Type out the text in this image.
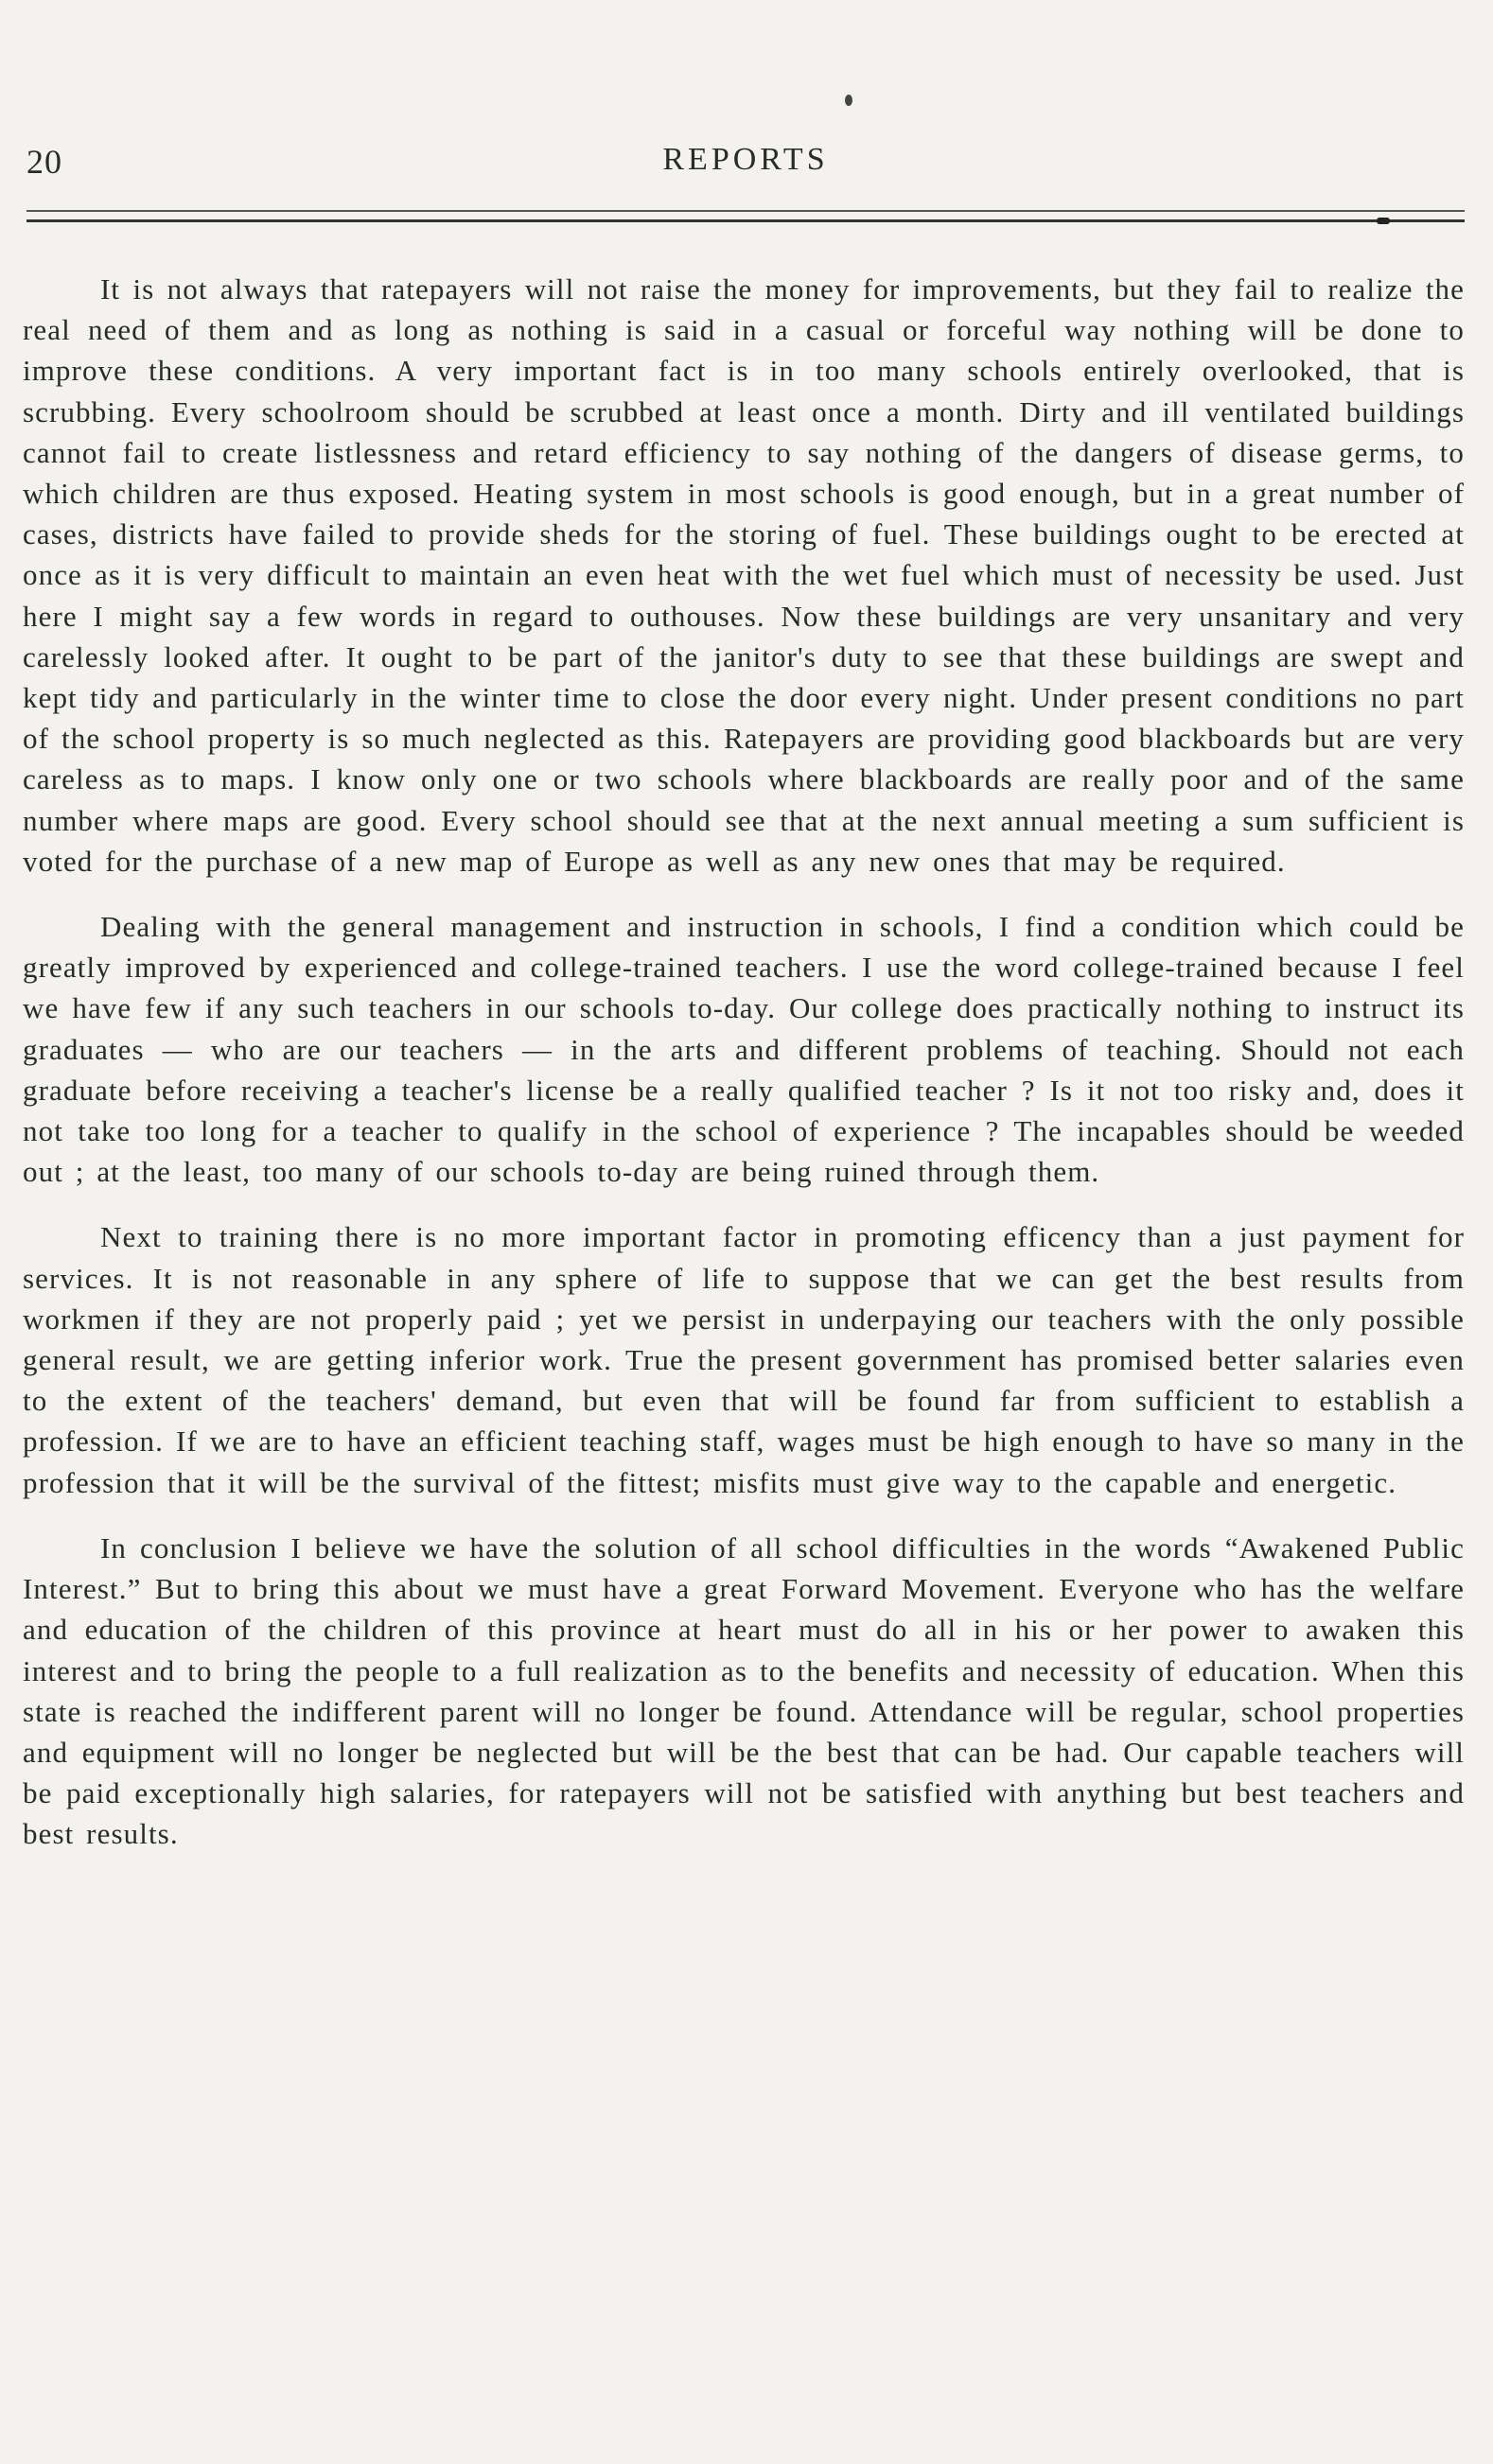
20	REPORTS

It is not always that ratepayers will not raise the money for improvements, but they fail to realize the real need of them and as long as nothing is said in a casual or forceful way nothing will be done to improve these conditions. A very important fact is in too many schools entirely overlooked, that is scrubbing. Every schoolroom should be scrubbed at least once a month. Dirty and ill ventilated buildings cannot fail to create listlessness and retard efficiency to say nothing of the dangers of disease germs, to which children are thus exposed. Heating system in most schools is good enough, but in a great number of cases, districts have failed to provide sheds for the storing of fuel. These buildings ought to be erected at once as it is very difficult to maintain an even heat with the wet fuel which must of necessity be used. Just here I might say a few words in regard to outhouses. Now these buildings are very unsanitary and very carelessly looked after. It ought to be part of the janitor's duty to see that these buildings are swept and kept tidy and particularly in the winter time to close the door every night. Under present conditions no part of the school property is so much neglected as this. Ratepayers are providing good blackboards but are very careless as to maps. I know only one or two schools where blackboards are really poor and of the same number where maps are good. Every school should see that at the next annual meeting a sum sufficient is voted for the purchase of a new map of Europe as well as any new ones that may be required.

Dealing with the general management and instruction in schools, I find a condition which could be greatly improved by experienced and college-trained teachers. I use the word college-trained because I feel we have few if any such teachers in our schools to-day. Our college does practically nothing to instruct its graduates — who are our teachers — in the arts and different problems of teaching. Should not each graduate before receiving a teacher's license be a really qualified teacher ? Is it not too risky and, does it not take too long for a teacher to qualify in the school of experience ? The incapables should be weeded out ; at the least, too many of our schools to-day are being ruined through them.

Next to training there is no more important factor in promoting efficency than a just payment for services. It is not reasonable in any sphere of life to suppose that we can get the best results from workmen if they are not properly paid ; yet we persist in underpaying our teachers with the only possible general result, we are getting inferior work. True the present government has promised better salaries even to the extent of the teachers' demand, but even that will be found far from sufficient to establish a profession. If we are to have an efficient teaching staff, wages must be high enough to have so many in the profession that it will be the survival of the fittest; misfits must give way to the capable and energetic.

In conclusion I believe we have the solution of all school difficulties in the words “Awakened Public Interest.” But to bring this about we must have a great Forward Movement. Everyone who has the welfare and education of the children of this province at heart must do all in his or her power to awaken this interest and to bring the people to a full realization as to the benefits and necessity of education. When this state is reached the indifferent parent will no longer be found. Attendance will be regular, school properties and equipment will no longer be neglected but will be the best that can be had. Our capable teachers will be paid exceptionally high salaries, for ratepayers will not be satisfied with anything but best teachers and best results.
